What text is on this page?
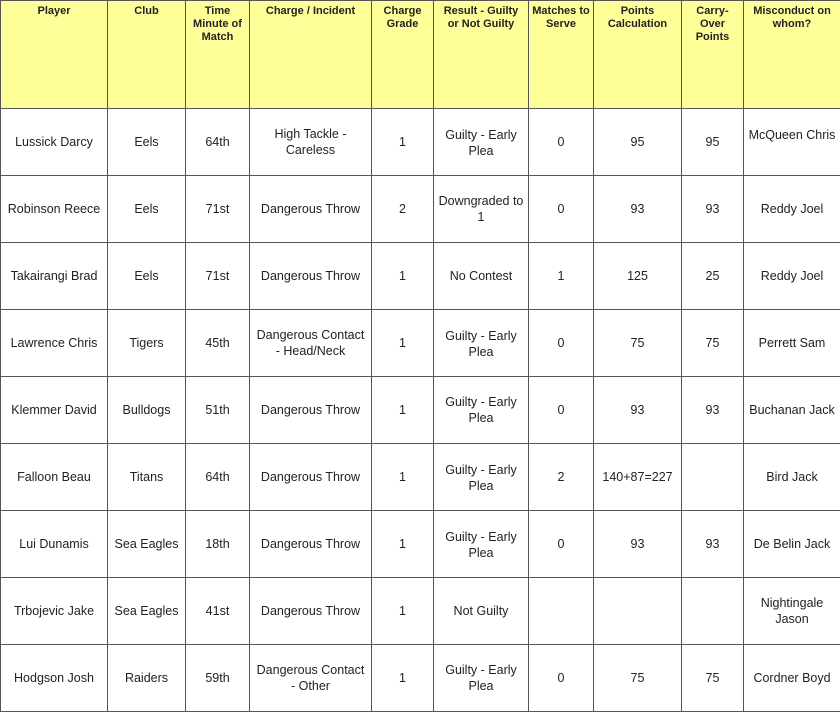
Player	Club	Time Minute of Match	Charge / Incident	Charge Grade	Result - Guilty or Not Guilty	Matches to Serve	Points Calculation	Carry-Over Points	Misconduct on whom?
Lussick Darcy	Eels	64th	High Tackle - Careless	1	Guilty - Early Plea	0	95	95	McQueen Chris
Robinson Reece	Eels	71st	Dangerous Throw	2	Downgraded to 1	0	93	93	Reddy Joel
Takairangi Brad	Eels	71st	Dangerous Throw	1	No Contest	1	125	25	Reddy Joel
Lawrence Chris	Tigers	45th	Dangerous Contact - Head/Neck	1	Guilty - Early Plea	0	75	75	Perrett Sam
Klemmer David	Bulldogs	51th	Dangerous Throw	1	Guilty - Early Plea	0	93	93	Buchanan Jack
Falloon Beau	Titans	64th	Dangerous Throw	1	Guilty - Early Plea	2	140+87=227		Bird Jack
Lui Dunamis	Sea Eagles	18th	Dangerous Throw	1	Guilty - Early Plea	0	93	93	De Belin Jack
Trbojevic Jake	Sea Eagles	41st	Dangerous Throw	1	Not Guilty				Nightingale Jason
Hodgson Josh	Raiders	59th	Dangerous Contact - Other	1	Guilty - Early Plea	0	75	75	Cordner Boyd
